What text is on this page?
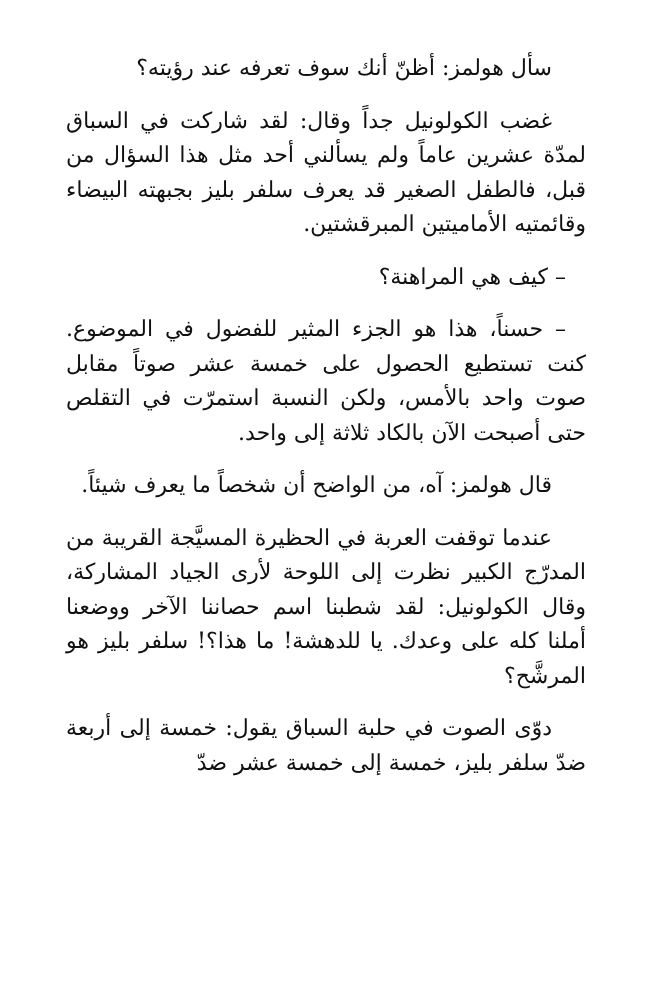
سأل هولمز: أظنّ أنك سوف تعرفه عند رؤيته؟

غضب الكولونيل جداً وقال: لقد شاركت في السباق لمدّة عشرين عاماً ولم يسألني أحد مثل هذا السؤال من قبل، فالطفل الصغير قد يعرف سلفر بليز بجبهته البيضاء وقائمتيه الأماميتين المبرقشتين.

– كيف هي المراهنة؟

– حسناً، هذا هو الجزء المثير للفضول في الموضوع. كنت تستطيع الحصول على خمسة عشر صوتاً مقابل صوت واحد بالأمس، ولكن النسبة استمرّت في التقلص حتى أصبحت الآن بالكاد ثلاثة إلى واحد.

قال هولمز: آه، من الواضح أن شخصاً ما يعرف شيئاً.

عندما توقفت العربة في الحظيرة المسيَّجة القريبة من المدرّج الكبير نظرت إلى اللوحة لأرى الجياد المشاركة، وقال الكولونيل: لقد شطبنا اسم حصاننا الآخر ووضعنا أملنا كله على وعدك. يا للدهشة! ما هذا؟! سلفر بليز هو المرشَّح؟

دوّى الصوت في حلبة السباق يقول: خمسة إلى أربعة ضدّ سلفر بليز، خمسة إلى خمسة عشر ضدّ
